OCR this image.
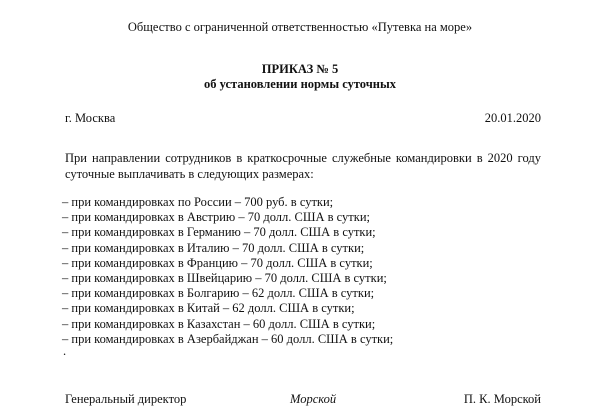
Общество с ограниченной ответственностью «Путевка на море»
ПРИКАЗ № 5
об установлении нормы суточных
г. Москва	20.01.2020
При направлении сотрудников в краткосрочные служебные командировки в 2020 году суточные выплачивать в следующих размерах:
– при командировках по России – 700 руб. в сутки;
– при командировках в Австрию – 70 долл. США в сутки;
– при командировках в Германию – 70 долл. США в сутки;
– при командировках в Италию – 70 долл. США в сутки;
– при командировках в Францию – 70 долл. США в сутки;
– при командировках в Швейцарию – 70 долл. США в сутки;
– при командировках в Болгарию – 62 долл. США в сутки;
– при командировках в Китай – 62 долл. США в сутки;
– при командировках в Казахстан – 60 долл. США в сутки;
– при командировках в Азербайджан – 60 долл. США в сутки;
.
Генеральный директор	Морской	П. К. Морской
